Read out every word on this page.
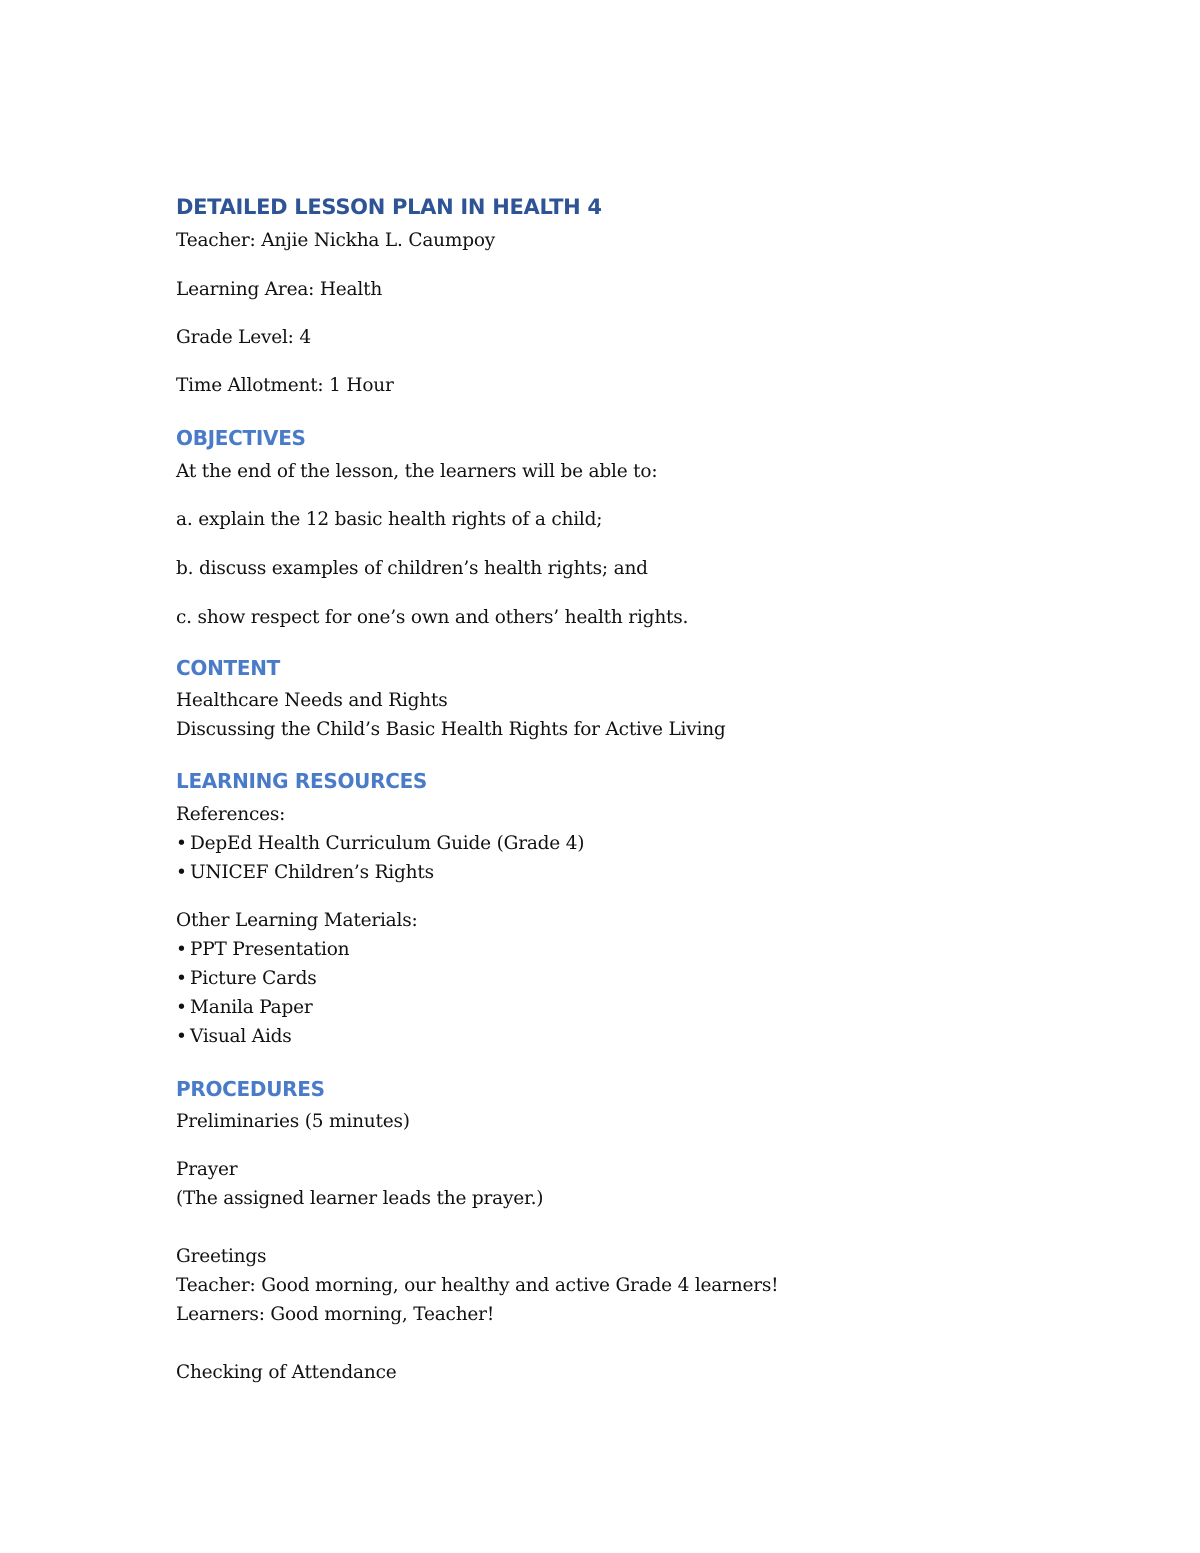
DETAILED LESSON PLAN IN HEALTH 4
Teacher: Anjie Nickha L. Caumpoy
Learning Area: Health
Grade Level: 4
Time Allotment: 1 Hour
OBJECTIVES
At the end of the lesson, the learners will be able to:
a. explain the 12 basic health rights of a child;
b. discuss examples of children’s health rights; and
c. show respect for one’s own and others’ health rights.
CONTENT
Healthcare Needs and Rights
Discussing the Child’s Basic Health Rights for Active Living
LEARNING RESOURCES
References:
• DepEd Health Curriculum Guide (Grade 4)
• UNICEF Children’s Rights
Other Learning Materials:
• PPT Presentation
• Picture Cards
• Manila Paper
• Visual Aids
PROCEDURES
Preliminaries (5 minutes)
Prayer
(The assigned learner leads the prayer.)
Greetings
Teacher: Good morning, our healthy and active Grade 4 learners!
Learners: Good morning, Teacher!
Checking of Attendance
